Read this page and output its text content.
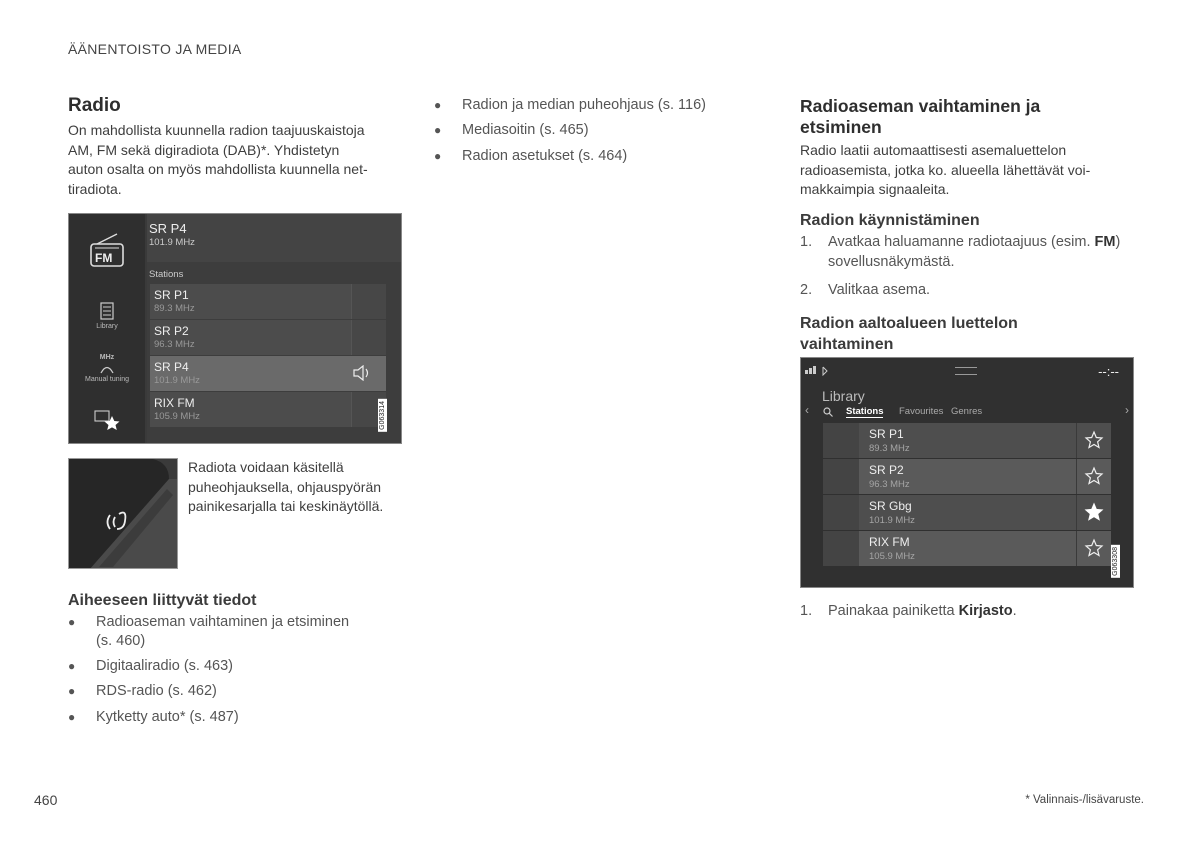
ÄÄNENTOISTO JA MEDIA
Radio
On mahdollista kuunnella radion taajuuskaistoja
AM, FM sekä digiradiota (DAB)*. Yhdistetyn
auton osalta on myös mahdollista kuunnella net-
tiradiota.
FM
Library
MHz
Manual tuning
SR P4
101.9 MHz
Stations
SR P1
89.3 MHz
SR P2
96.3 MHz
SR P4
101.9 MHz
RIX FM
105.9 MHz	G063314
Radiota voidaan käsitellä
puheohjauksella, ohjauspyörän
painikesarjalla tai keskinäytöllä.
Aiheeseen liittyvät tiedot
● Radioaseman vaihtaminen ja etsiminen
(s. 460)
● Digitaaliradio (s. 463)
● RDS-radio (s. 462)
● Kytketty auto* (s. 487)
● Radion ja median puheohjaus (s. 116)
● Mediasoitin (s. 465)
● Radion asetukset (s. 464)
Radioaseman vaihtaminen ja
etsiminen
Radio laatii automaattisesti asemaluettelon
radioasemista, jotka ko. alueella lähettävät voi-
makkaimpia signaaleita.
Radion käynnistäminen
1. Avatkaa haluamanne radiotaajuus (esim. FM)
sovellusnäkymästä.
2. Valitkaa asema.
Radion aaltoalueen luettelon
vaihtaminen
--:--
Library
‹	›
Stations Favourites Genres
SR P1
89.3 MHz
SR P2
96.3 MHz
SR Gbg
101.9 MHz
RIX FM
105.9 MHz	G063308
1. Painakaa painiketta Kirjasto.
460	* Valinnais-/lisävaruste.
